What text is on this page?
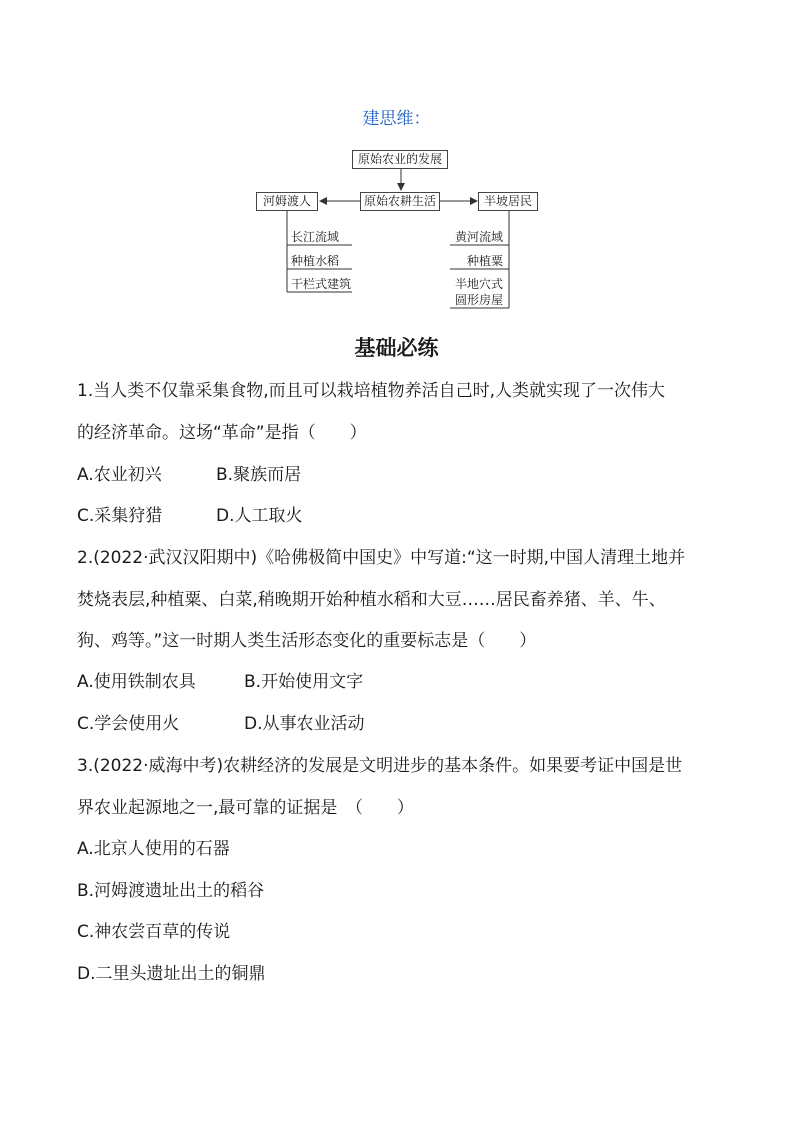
建思维：
原始农业的发展
原始农耕生活
河姆渡人	半坡居民
长江流域
种植水稻
干栏式建筑
黄河流域
种植粟
半地穴式
圆形房屋
基础必练
1.当人类不仅靠采集食物,而且可以栽培植物养活自己时,人类就实现了一次伟大
的经济革命。这场“革命”是指（　　）
A.农业初兴	B.聚族而居
C.采集狩猎	D.人工取火
2.(2022·武汉汉阳期中)《哈佛极简中国史》中写道:“这一时期,中国人清理土地并
焚烧表层,种植粟、白菜,稍晚期开始种植水稻和大豆……居民畜养猪、羊、牛、
狗、鸡等。”这一时期人类生活形态变化的重要标志是（　　）
A.使用铁制农具	B.开始使用文字
C.学会使用火	D.从事农业活动
3.(2022·威海中考)农耕经济的发展是文明进步的基本条件。如果要考证中国是世
界农业起源地之一,最可靠的证据是　（　　）
A.北京人使用的石器
B.河姆渡遗址出土的稻谷
C.神农尝百草的传说
D.二里头遗址出土的铜鼎
